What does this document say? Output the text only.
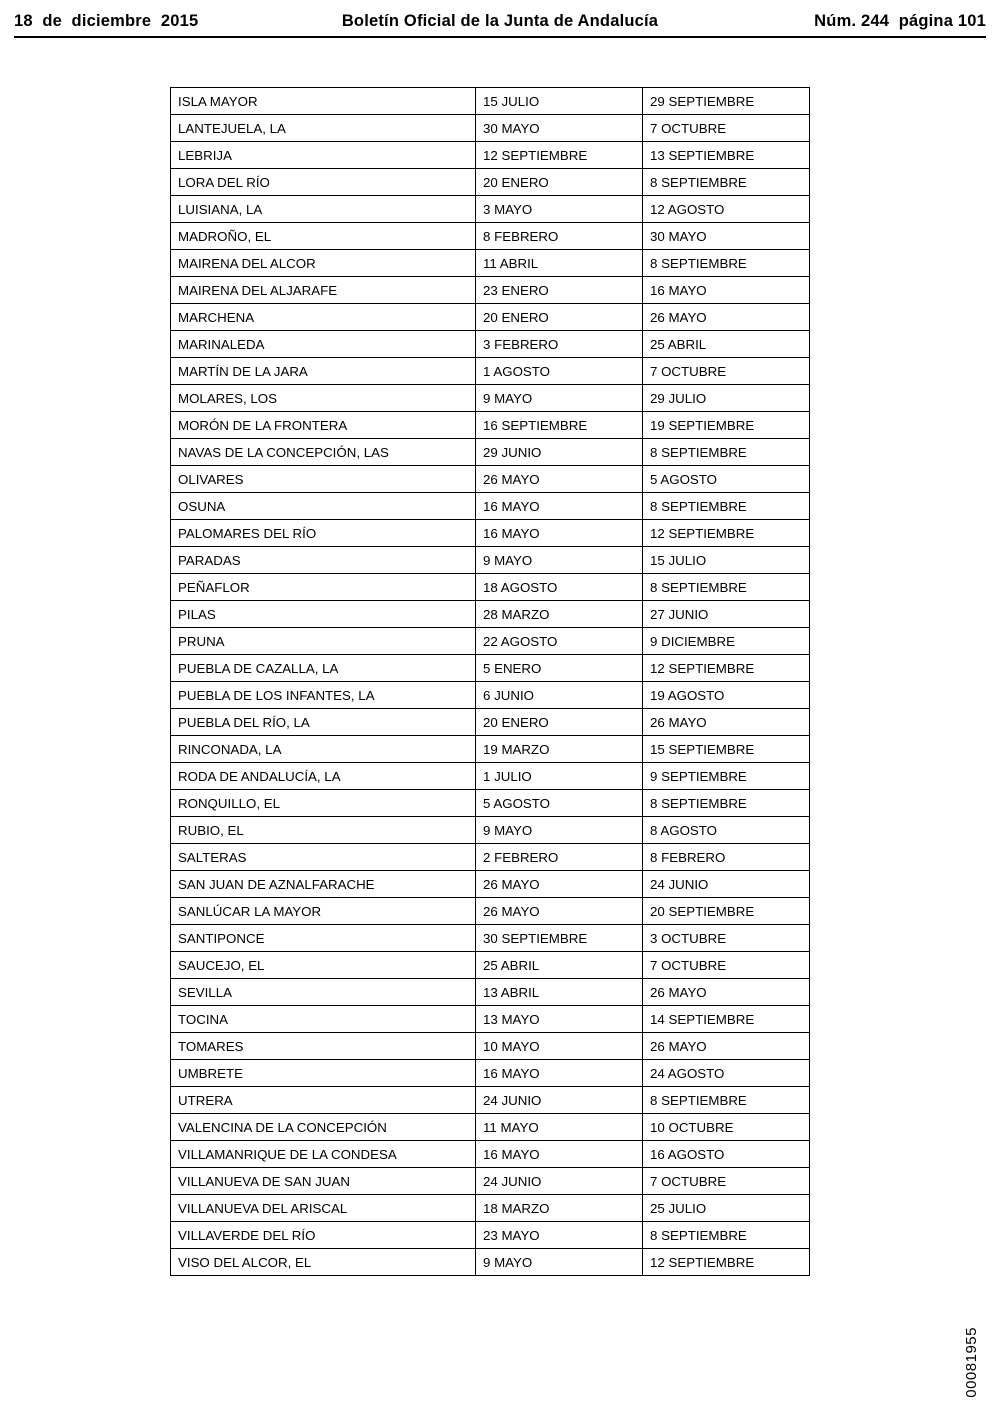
18  de  diciembre  2015	Boletín Oficial de la Junta de Andalucía	Núm. 244  página 101
ISLA MAYOR	15 JULIO	29 SEPTIEMBRE
LANTEJUELA, LA	30 MAYO	7 OCTUBRE
LEBRIJA	12 SEPTIEMBRE	13 SEPTIEMBRE
LORA DEL RÍO	20 ENERO	8 SEPTIEMBRE
LUISIANA, LA	3 MAYO	12 AGOSTO
MADROÑO, EL	8 FEBRERO	30 MAYO
MAIRENA DEL ALCOR	11 ABRIL	8 SEPTIEMBRE
MAIRENA DEL ALJARAFE	23 ENERO	16 MAYO
MARCHENA	20 ENERO	26 MAYO
MARINALEDA	3 FEBRERO	25 ABRIL
MARTÍN DE LA JARA	1 AGOSTO	7 OCTUBRE
MOLARES, LOS	9 MAYO	29 JULIO
MORÓN DE LA FRONTERA	16 SEPTIEMBRE	19 SEPTIEMBRE
NAVAS DE LA CONCEPCIÓN, LAS	29 JUNIO	8 SEPTIEMBRE
OLIVARES	26 MAYO	5 AGOSTO
OSUNA	16 MAYO	8 SEPTIEMBRE
PALOMARES DEL RÍO	16 MAYO	12 SEPTIEMBRE
PARADAS	9 MAYO	15 JULIO
PEÑAFLOR	18 AGOSTO	8 SEPTIEMBRE
PILAS	28 MARZO	27 JUNIO
PRUNA	22 AGOSTO	9 DICIEMBRE
PUEBLA DE CAZALLA, LA	5 ENERO	12 SEPTIEMBRE
PUEBLA DE LOS INFANTES, LA	6 JUNIO	19 AGOSTO
PUEBLA DEL RÍO, LA	20 ENERO	26 MAYO
RINCONADA, LA	19 MARZO	15 SEPTIEMBRE
RODA DE ANDALUCÍA, LA	1 JULIO	9 SEPTIEMBRE
RONQUILLO, EL	5 AGOSTO	8 SEPTIEMBRE
RUBIO, EL	9 MAYO	8 AGOSTO
SALTERAS	2 FEBRERO	8 FEBRERO
SAN JUAN DE AZNALFARACHE	26 MAYO	24 JUNIO
SANLÚCAR LA MAYOR	26 MAYO	20 SEPTIEMBRE
SANTIPONCE	30 SEPTIEMBRE	3 OCTUBRE
SAUCEJO, EL	25 ABRIL	7 OCTUBRE
SEVILLA	13 ABRIL	26 MAYO
TOCINA	13 MAYO	14 SEPTIEMBRE
TOMARES	10 MAYO	26 MAYO
UMBRETE	16 MAYO	24 AGOSTO
UTRERA	24 JUNIO	8 SEPTIEMBRE
VALENCINA DE LA CONCEPCIÓN	11 MAYO	10 OCTUBRE
VILLAMANRIQUE DE LA CONDESA	16 MAYO	16 AGOSTO
VILLANUEVA DE SAN JUAN	24 JUNIO	7 OCTUBRE
VILLANUEVA DEL ARISCAL	18 MARZO	25 JULIO
VILLAVERDE DEL RÍO	23 MAYO	8 SEPTIEMBRE
VISO DEL ALCOR, EL	9 MAYO	12 SEPTIEMBRE
00081955
